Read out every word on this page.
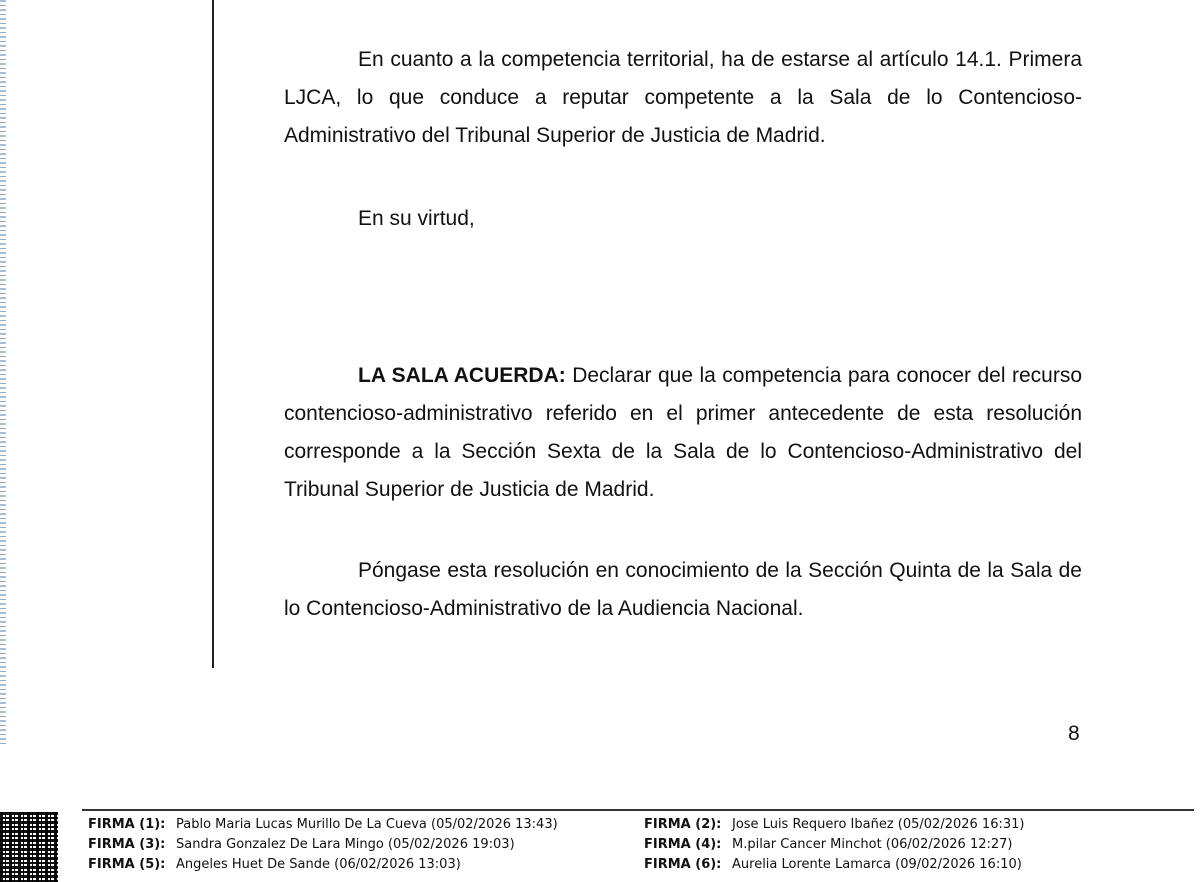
En cuanto a la competencia territorial, ha de estarse al artículo 14.1. Primera LJCA, lo que conduce a reputar competente a la Sala de lo Contencioso-Administrativo del Tribunal Superior de Justicia de Madrid.

En su virtud,

LA SALA ACUERDA: Declarar que la competencia para conocer del recurso contencioso-administrativo referido en el primer antecedente de esta resolución corresponde a la Sección Sexta de la Sala de lo Contencioso-Administrativo del Tribunal Superior de Justicia de Madrid.

Póngase esta resolución en conocimiento de la Sección Quinta de la Sala de lo Contencioso-Administrativo de la Audiencia Nacional.

8
FIRMA (1): Pablo Maria Lucas Murillo De La Cueva (05/02/2026 13:43)	FIRMA (2): Jose Luis Requero Ibañez (05/02/2026 16:31)
FIRMA (3): Sandra Gonzalez De Lara Mingo (05/02/2026 19:03)	FIRMA (4): M.pilar Cancer Minchot (06/02/2026 12:27)
FIRMA (5): Angeles Huet De Sande (06/02/2026 13:03)	FIRMA (6): Aurelia Lorente Lamarca (09/02/2026 16:10)
